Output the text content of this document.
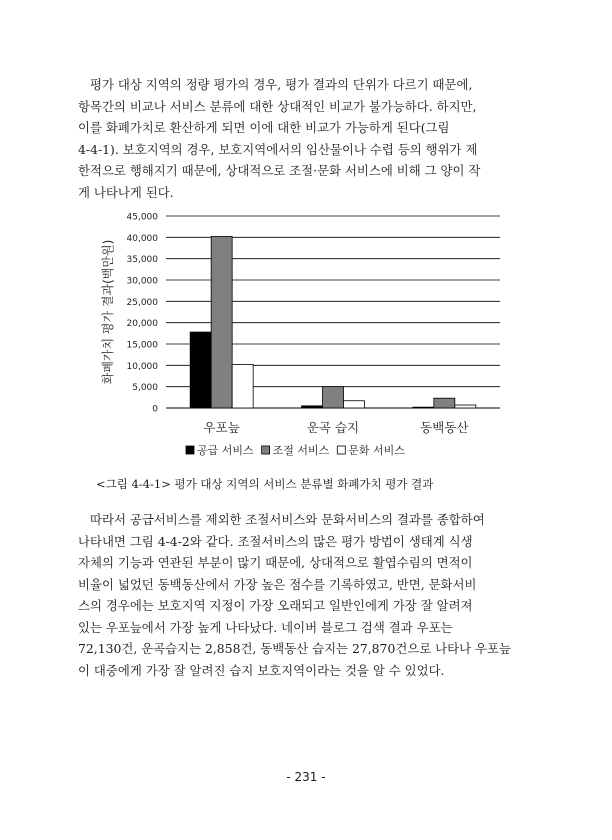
평가 대상 지역의 정량 평가의 경우, 평가 결과의 단위가 다르기 때문에,
항목간의 비교나 서비스 분류에 대한 상대적인 비교가 불가능하다. 하지만,
이를 화폐가치로 환산하게 되면 이에 대한 비교가 가능하게 된다(그림
4-4-1). 보호지역의 경우, 보호지역에서의 임산물이나 수렵 등의 행위가 제
한적으로 행해지기 때문에, 상대적으로 조절·문화 서비스에 비해 그 양이 작
게 나타나게 된다.
0
5,000
10,000
15,000
20,000
25,000
30,000
35,000
40,000
45,000
화폐가치 평가 결과(백만원)
우포늪	운곡 습지	동백동산
공급 서비스 조절 서비스 문화 서비스
<그림 4-4-1> 평가 대상 지역의 서비스 분류별 화폐가치 평가 결과
따라서 공급서비스를 제외한 조절서비스와 문화서비스의 결과를 종합하여
나타내면 그림 4-4-2와 같다. 조절서비스의 많은 평가 방법이 생태계 식생
자체의 기능과 연관된 부분이 많기 때문에, 상대적으로 활엽수림의 면적이
비율이 넓었던 동백동산에서 가장 높은 점수를 기록하였고, 반면, 문화서비
스의 경우에는 보호지역 지정이 가장 오래되고 일반인에게 가장 잘 알려져
있는 우포늪에서 가장 높게 나타났다. 네이버 블로그 검색 결과 우포는
72,130건, 운곡습지는 2,858건, 동백동산 습지는 27,870건으로 나타나 우포늪
이 대중에게 가장 잘 알려진 습지 보호지역이라는 것을 알 수 있었다.
- 231 -
